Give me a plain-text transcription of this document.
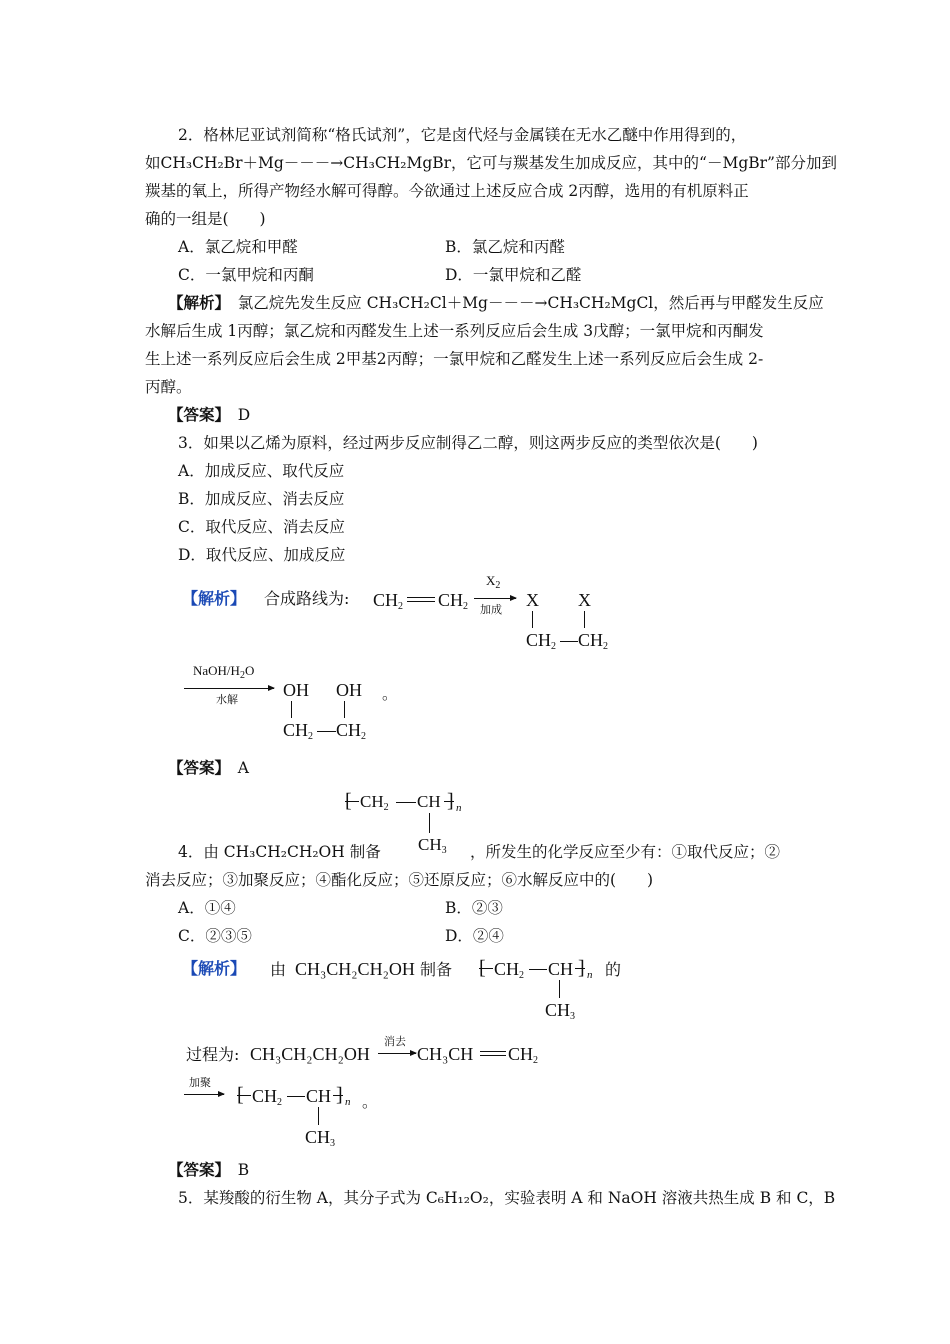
2．格林尼亚试剂简称“格氏试剂”，它是卤代烃与金属镁在无水乙醚中作用得到的，
如CH₃CH₂Br＋Mg－－－→CH₃CH₂MgBr，它可与羰基发生加成反应，其中的“－MgBr”部分加到
羰基的氧上，所得产物经水解可得醇。今欲通过上述反应合成 2丙醇，选用的有机原料正
确的一组是(　　)
A．氯乙烷和甲醛	B．氯乙烷和丙醛
C．一氯甲烷和丙酮	D．一氯甲烷和乙醛
【解析】　氯乙烷先发生反应 CH₃CH₂Cl＋Mg－－－→CH₃CH₂MgCl，然后再与甲醛发生反应
水解后生成 1丙醇；氯乙烷和丙醛发生上述一系列反应后会生成 3戊醇；一氯甲烷和丙酮发
生上述一系列反应后会生成 2甲基2丙醇；一氯甲烷和乙醛发生上述一系列反应后会生成 2-
丙醇。
【答案】　D
3．如果以乙烯为原料，经过两步反应制得乙二醇，则这两步反应的类型依次是(　　)
A．加成反应、取代反应
B．加成反应、消去反应
C．取代反应、消去反应
D．取代反应、加成反应
【解析】 合成路线为: $CH_2$ $CH_2$
$X_2$
加成 X X
$CH_2$ $CH_2$
NaOH/$H_2O$
水解	OH OH 。
$CH_2$ $CH_2$
【答案】　A
$CH_2$ CH ] n
$CH_3$
4．由 CH₃CH₂CH₂OH 制备	，所发生的化学反应至少有：①取代反应；②
消去反应；③加聚反应；④酯化反应；⑤还原反应；⑥水解反应中的(　　)
A．①④	B．②③
C．②③⑤	D．②④
【解析】 由 CH₃CH₂CH₂OH 制备 $CH_2$ CH ] n 的
$CH_3$
过程为: CH₃CH₂CH₂OH
消去
CH₃CH $CH_2$
加聚
$CH_2$ CH ] n 。
$CH_3$
【答案】　B
5．某羧酸的衍生物 A，其分子式为 C₆H₁₂O₂，实验表明 A 和 NaOH 溶液共热生成 B 和 C，B
